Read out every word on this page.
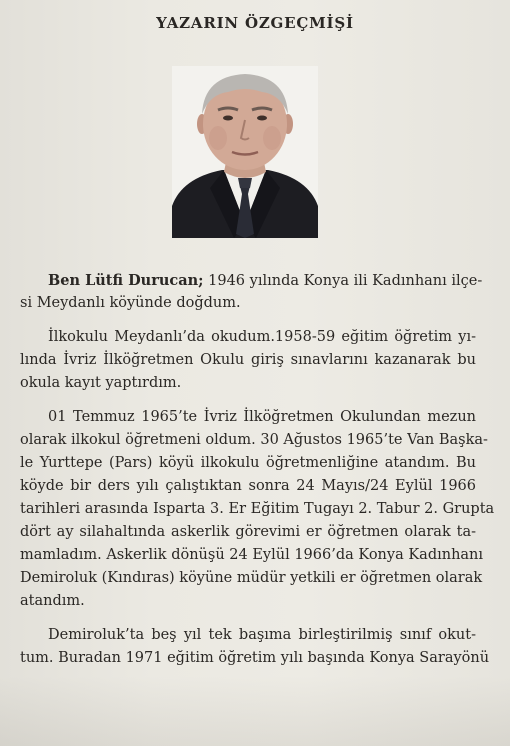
YAZARIN ÖZGEÇMİŞİ

Ben Lütfi Durucan; 1946 yılında Konya ili Kadınhanı ilçe-
si Meydanlı köyünde doğdum.

İlkokulu Meydanlı’da okudum.1958-59 eğitim öğretim yı-
lında İvriz İlköğretmen Okulu giriş sınavlarını kazanarak bu
okula kayıt yaptırdım.

01 Temmuz 1965’te İvriz İlköğretmen Okulundan mezun
olarak ilkokul öğretmeni oldum. 30 Ağustos 1965’te Van Başka-
le Yurttepe (Pars) köyü ilkokulu öğretmenliğine atandım. Bu
köyde bir ders yılı çalıştıktan sonra 24 Mayıs/24 Eylül 1966
tarihleri arasında Isparta 3. Er Eğitim Tugayı 2. Tabur 2. Grupta
dört ay silahaltında askerlik görevimi er öğretmen olarak ta-
mamladım. Askerlik dönüşü 24 Eylül 1966’da Konya Kadınhanı
Demiroluk (Kındıras) köyüne müdür yetkili er öğretmen olarak
atandım.

Demiroluk’ta beş yıl tek başıma birleştirilmiş sınıf okut-
tum. Buradan 1971 eğitim öğretim yılı başında Konya Sarayönü
